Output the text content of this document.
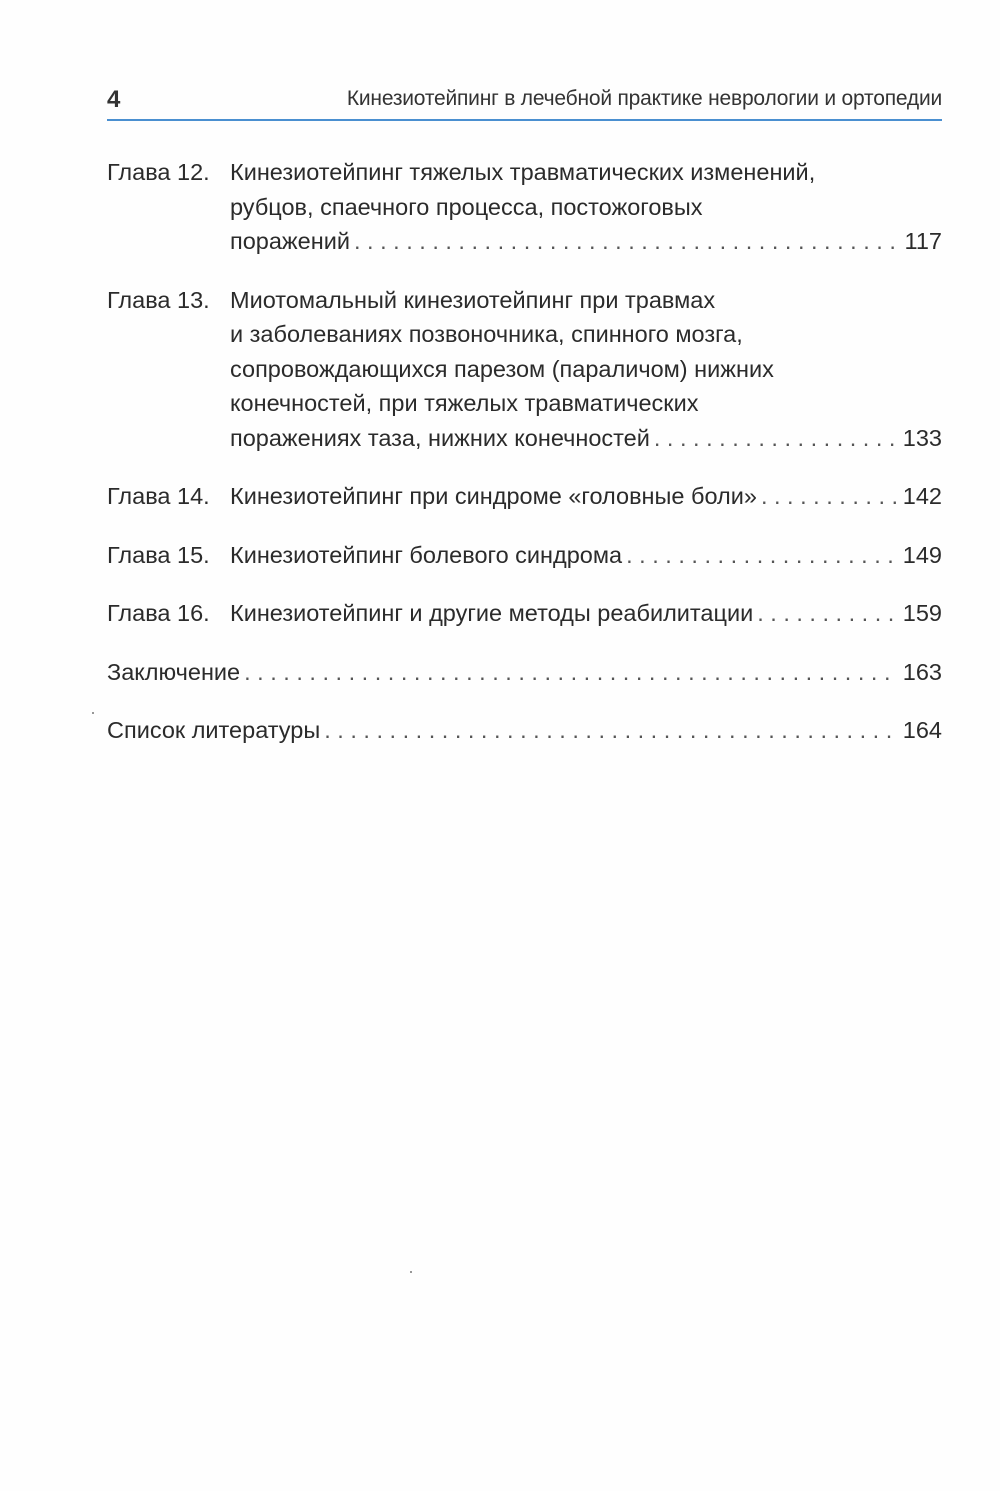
4	Кинезиотейпинг в лечебной практике неврологии и ортопедии
Глава 12. Кинезиотейпинг тяжелых травматических изменений,
рубцов, спаечного процесса, постожоговых
поражений . . .	117
Глава 13. Миотомальный кинезиотейпинг при травмах
и заболеваниях позвоночника, спинного мозга,
сопровождающихся парезом (параличом) нижних
конечностей, при тяжелых травматических
поражениях таза, нижних конечностей . . .	133
Глава 14. Кинезиотейпинг при синдроме «головные боли» . . .	142
Глава 15. Кинезиотейпинг болевого синдрома . . .	149
Глава 16. Кинезиотейпинг и другие методы реабилитации . . .	159
Заключение . . .	163
Список литературы . . .	164
